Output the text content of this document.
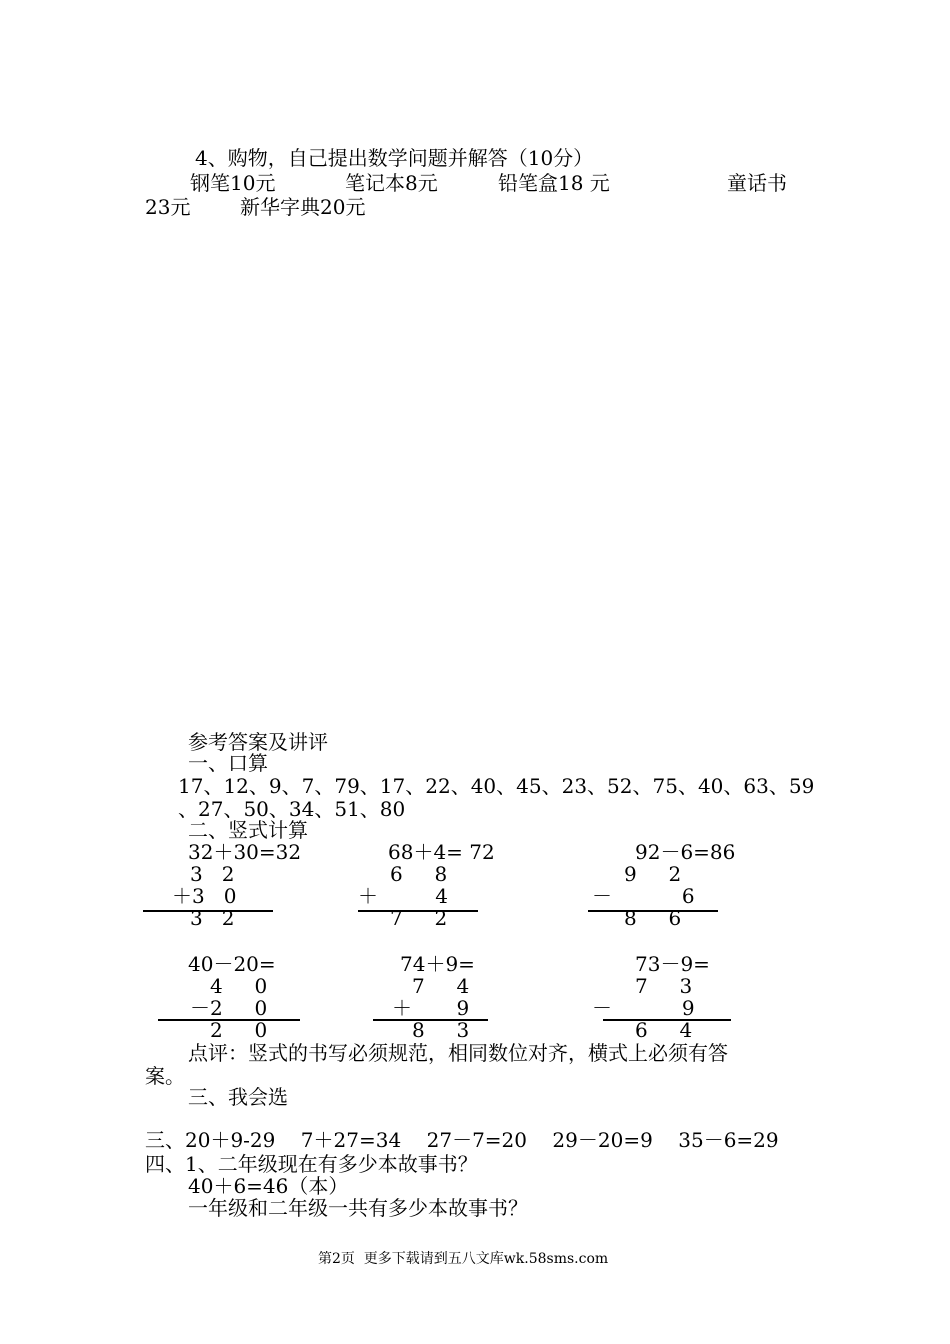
4、购物，自己提出数学问题并解答（10分）
钢笔10元	笔记本8元	铅笔盒18 元	童话书
23元 新华字典20元
参考答案及讲评
一、口算
17、12、9、7、79、17、22、40、45、23、52、75、40、63、59
、27、50、34、51、80
二、竖式计算
32＋30=32
3   2
＋3   0
3   2
68＋4= 72
6     8
＋         4
7     2
92－6=86
9     2
－           6
8     6
40－20=
4     0
－2     0
2     0
74＋9=
7     4
＋       9
8     3
73－9=
7     3
－           9
6     4
点评：竖式的书写必须规范，相同数位对齐，横式上必须有答
案。
三、我会选
三、20＋9-29    7＋27=34    27－7=20    29－20=9    35－6=29
四、1、二年级现在有多少本故事书？
40＋6=46（本）
一年级和二年级一共有多少本故事书？
第2页  更多下载请到五八文库wk.58sms.com
